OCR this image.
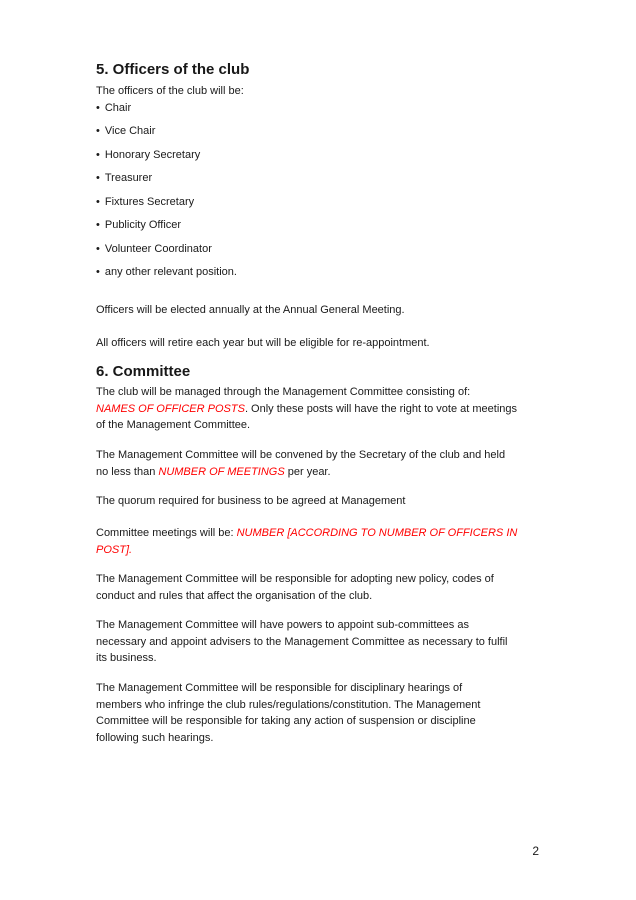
5. Officers of the club

The officers of the club will be:

• Chair

• Vice Chair

• Honorary Secretary

• Treasurer

• Fixtures Secretary

• Publicity Officer

• Volunteer Coordinator

• any other relevant position.

Officers will be elected annually at the Annual General Meeting.

All officers will retire each year but will be eligible for re-appointment.

6. Committee

The club will be managed through the Management Committee consisting of:
NAMES OF OFFICER POSTS. Only these posts will have the right to vote at meetings
of the Management Committee.

The Management Committee will be convened by the Secretary of the club and held
no less than NUMBER OF MEETINGS per year.

The quorum required for business to be agreed at Management

Committee meetings will be: NUMBER [ACCORDING TO NUMBER OF OFFICERS IN
POST].

The Management Committee will be responsible for adopting new policy, codes of
conduct and rules that affect the organisation of the club.

The Management Committee will have powers to appoint sub-committees as
necessary and appoint advisers to the Management Committee as necessary to fulfil
its business.

The Management Committee will be responsible for disciplinary hearings of
members who infringe the club rules/regulations/constitution. The Management
Committee will be responsible for taking any action of suspension or discipline
following such hearings.

2
